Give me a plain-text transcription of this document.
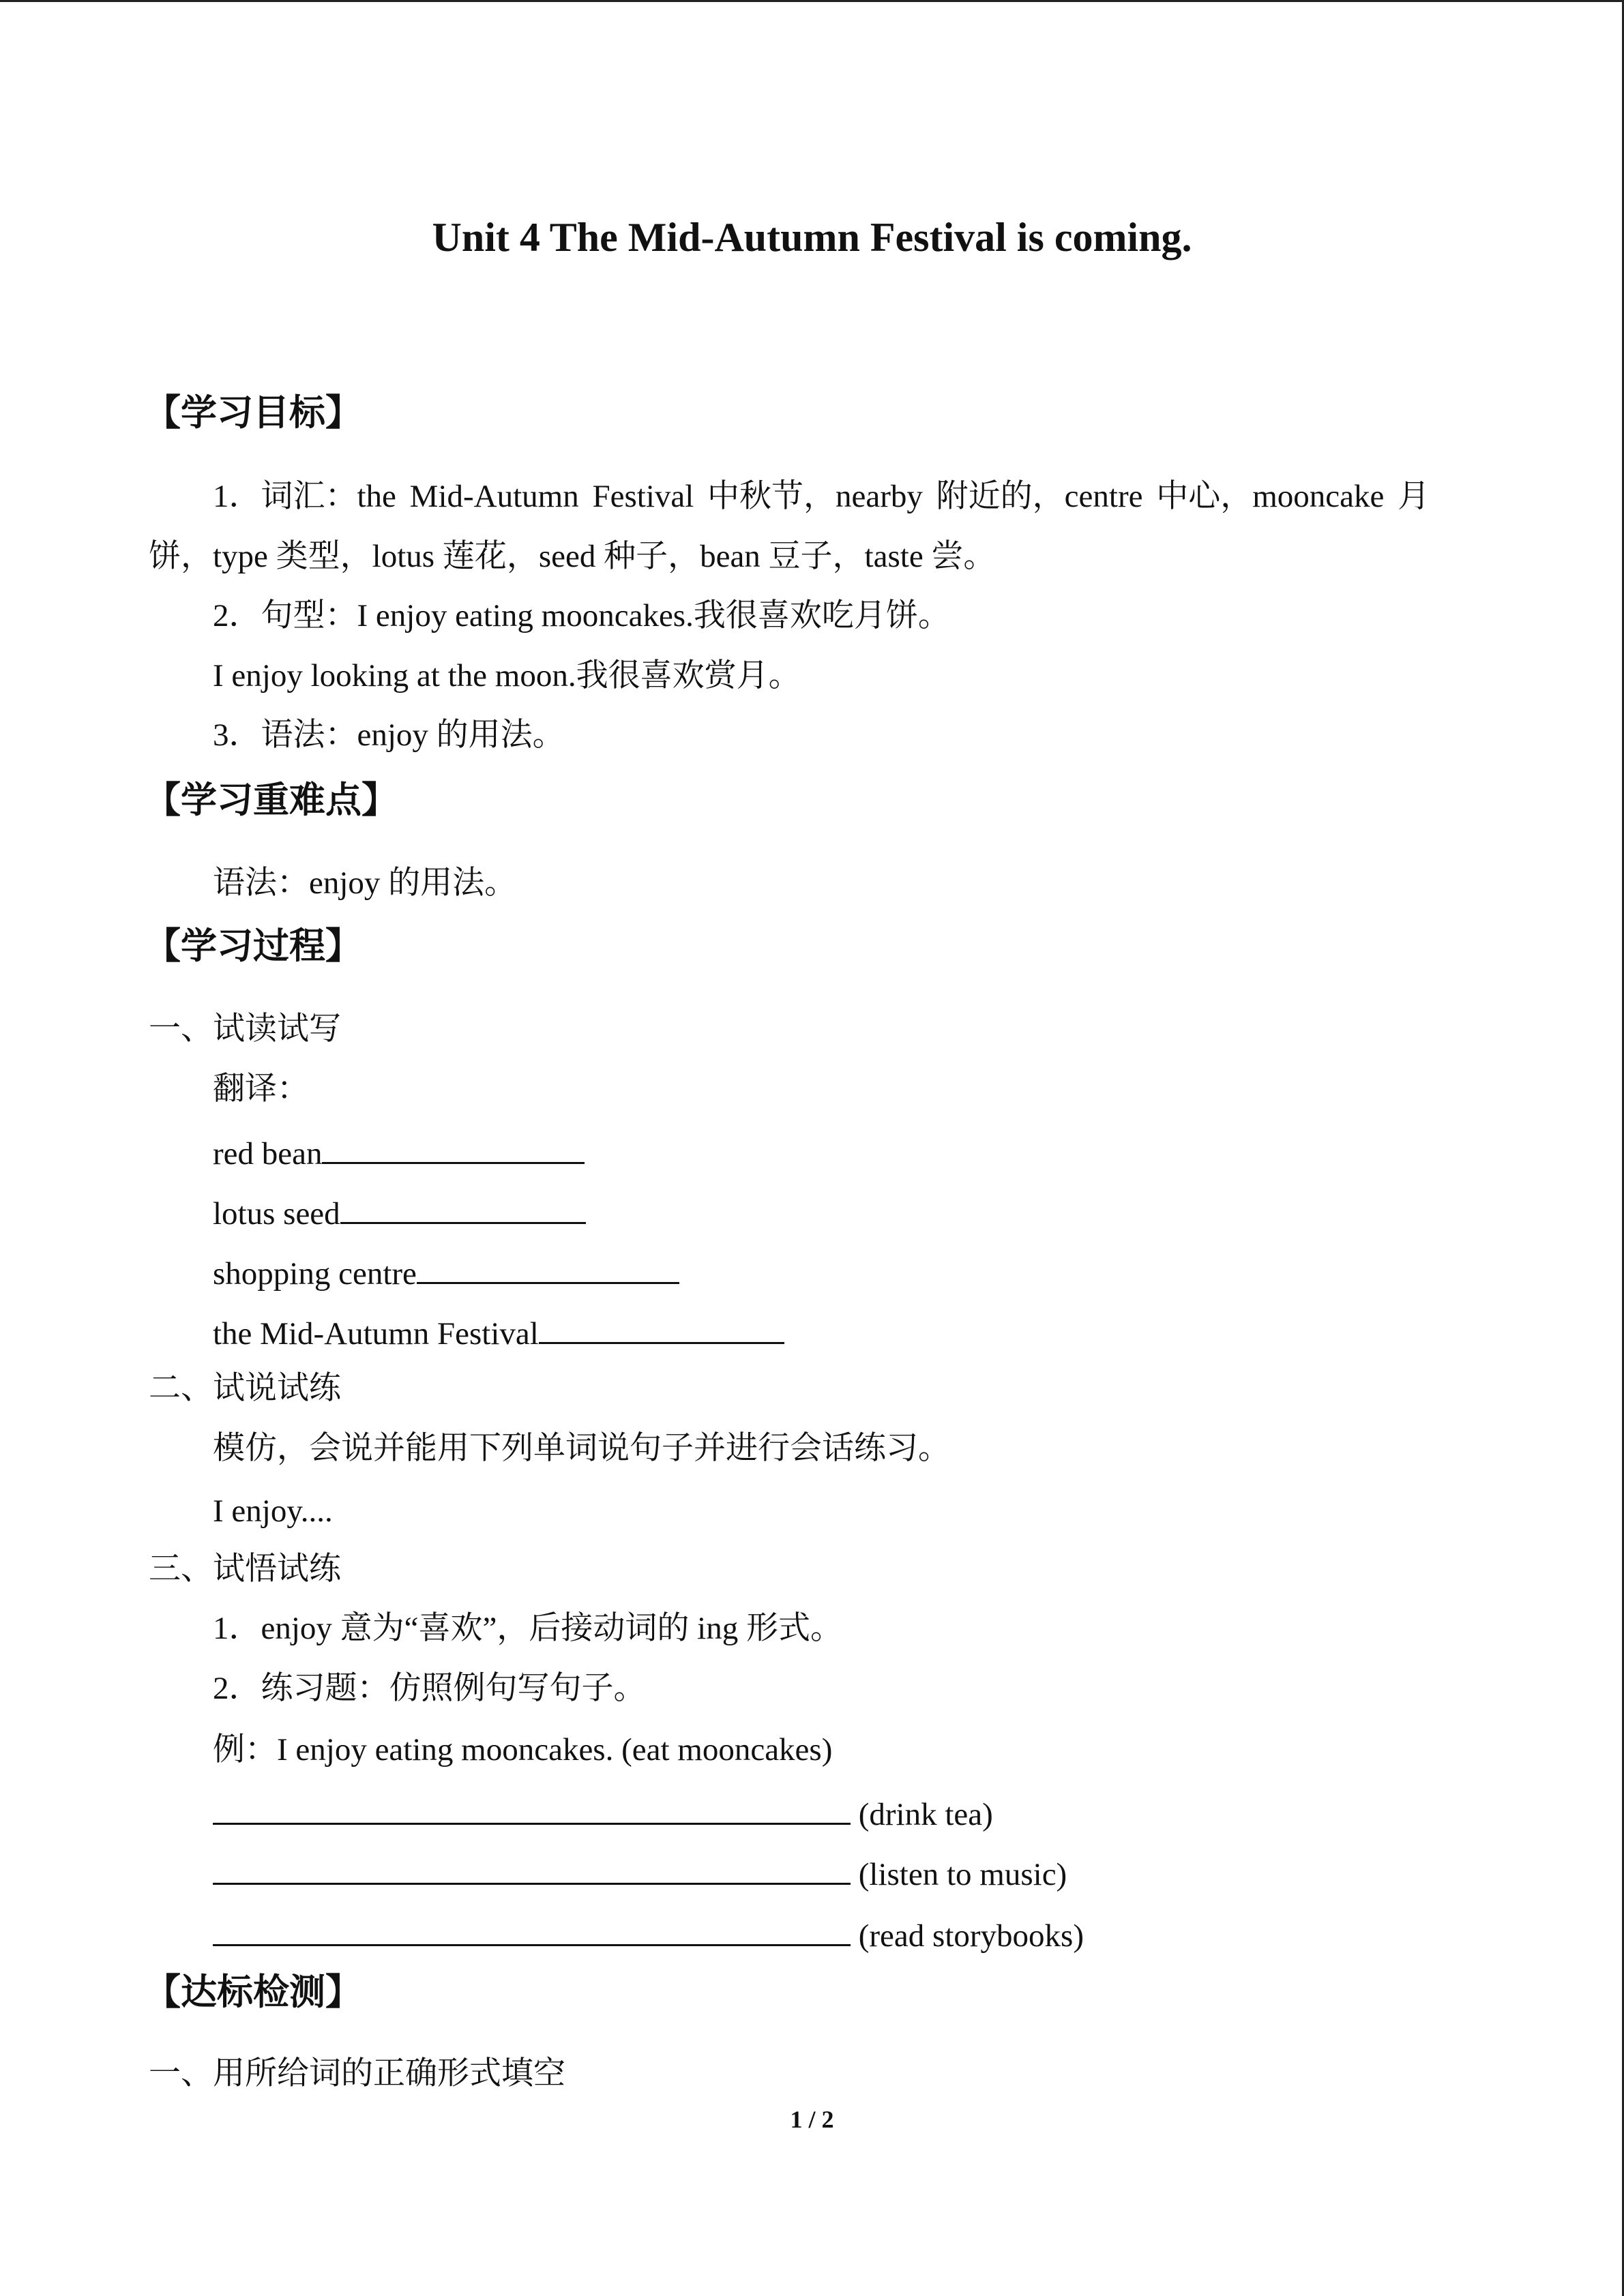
Unit 4 The Mid-Autumn Festival is coming.
【学习目标】
1．词汇：the Mid-Autumn Festival 中秋节，nearby 附近的，centre 中心，mooncake 月
饼，type 类型，lotus 莲花，seed 种子，bean 豆子，taste 尝。
2．句型：I enjoy eating mooncakes.我很喜欢吃月饼。
I enjoy looking at the moon.我很喜欢赏月。
3．语法：enjoy 的用法。
【学习重难点】
语法：enjoy 的用法。
【学习过程】
一、试读试写
翻译：
red bean
lotus seed
shopping centre
the Mid-Autumn Festival
二、试说试练
模仿，会说并能用下列单词说句子并进行会话练习。
I enjoy....
三、试悟试练
1．enjoy 意为“喜欢”，后接动词的 ing 形式。
2．练习题：仿照例句写句子。
例：I enjoy eating mooncakes. (eat mooncakes)
(drink tea)
(listen to music)
(read storybooks)
【达标检测】
一、用所给词的正确形式填空
1 / 2
